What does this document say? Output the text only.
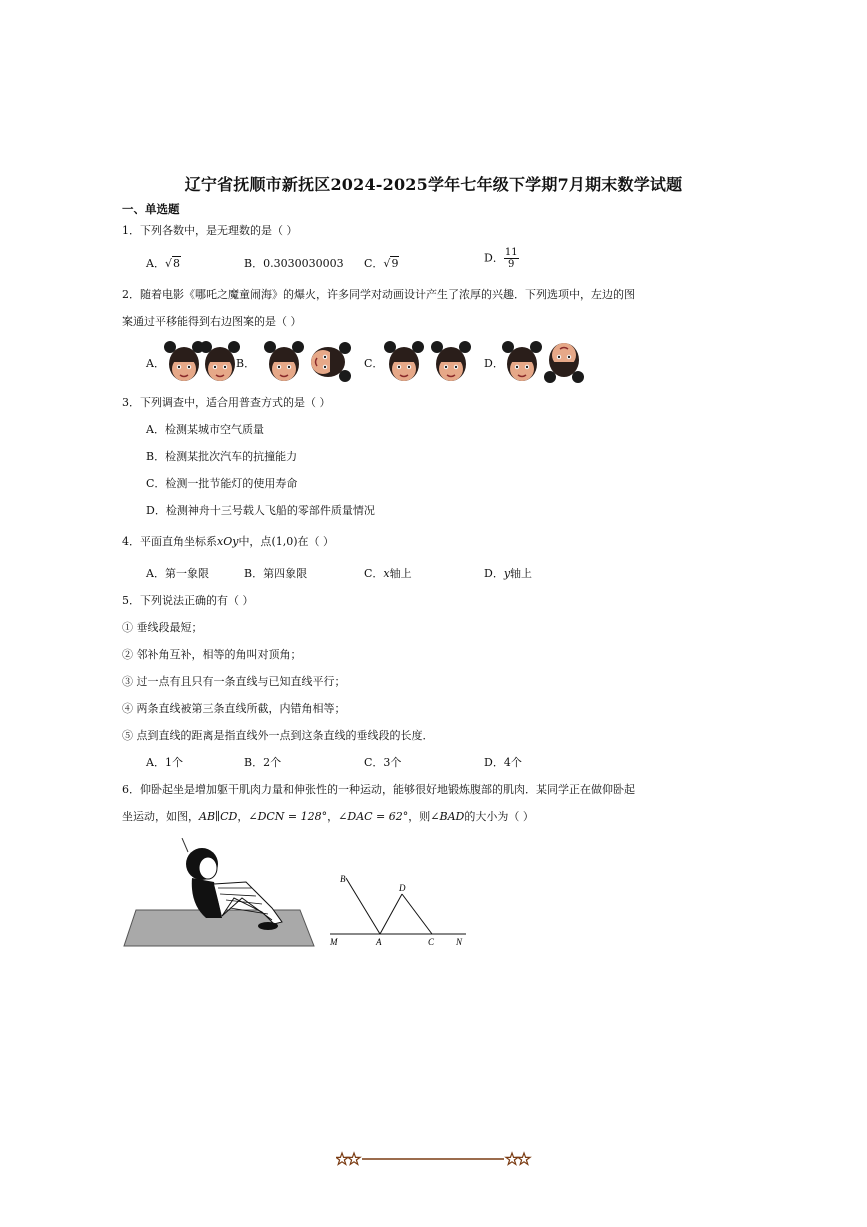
辽宁省抚顺市新抚区2024-2025学年七年级下学期7月期末数学试题
一、单选题
1．下列各数中，是无理数的是（ ）
A．√8	B．0.3030030003 C．√9	D． $\frac{11}{9}$
2．随着电影《哪吒之魔童闹海》的爆火，许多同学对动画设计产生了浓厚的兴趣．下列选项中，左边的图
案通过平移能得到右边图案的是（ ）
A．	B．	C．	D．
3．下列调查中，适合用普查方式的是（ ）
A．检测某城市空气质量
B．检测某批次汽车的抗撞能力
C．检测一批节能灯的使用寿命
D．检测神舟十三号载人飞船的零部件质量情况
4．平面直角坐标系xOy中，点(1,0)在（ ）
A．第一象限	B．第四象限	C．x轴上	D．y轴上
5．下列说法正确的有（ ）
① 垂线段最短；
② 邻补角互补，相等的角叫对顶角；
③ 过一点有且只有一条直线与已知直线平行；
④ 两条直线被第三条直线所截，内错角相等；
⑤ 点到直线的距离是指直线外一点到这条直线的垂线段的长度．
A．1个	B．2个	C．3个	D．4个
6．仰卧起坐是增加躯干肌肉力量和伸张性的一种运动，能够很好地锻炼腹部的肌肉．某同学正在做仰卧起
坐运动，如图，AB∥CD，∠DCN = 128°，∠DAC = 62°，则∠BAD的大小为（ ）
B
D
M	A	C N
